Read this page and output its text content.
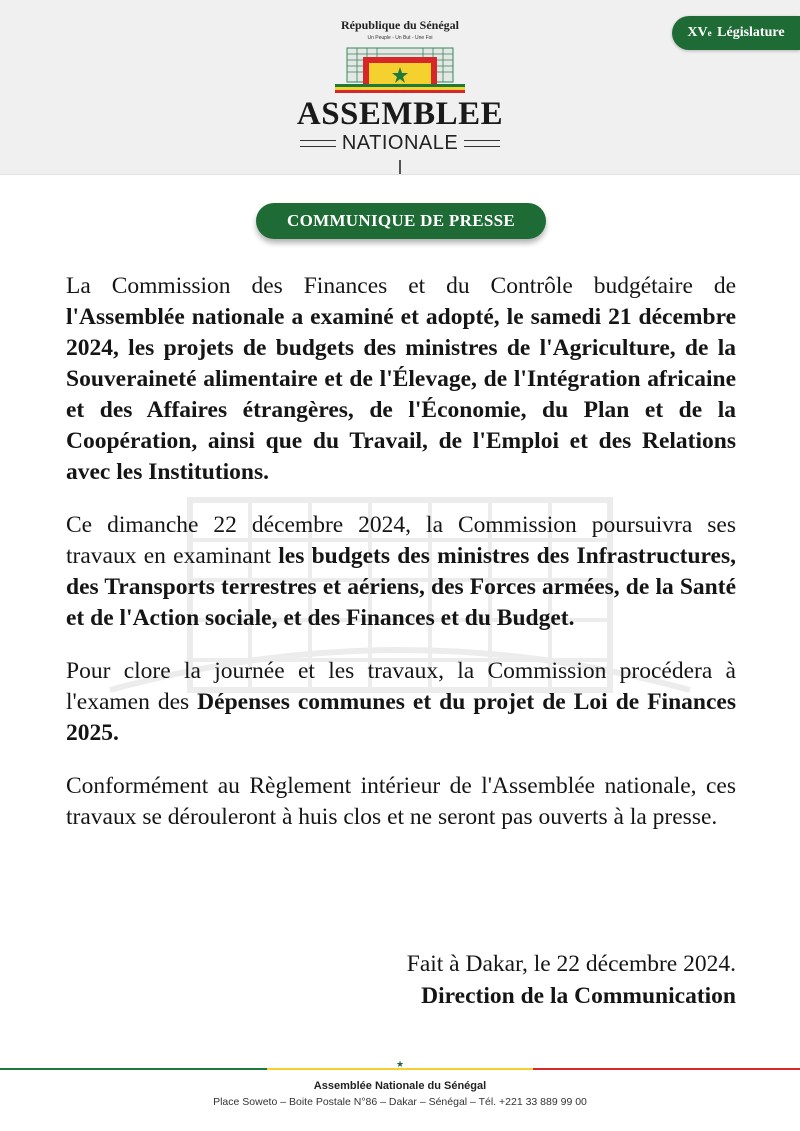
République du Sénégal
Un Peuple - Un But - Une Foi
ASSEMBLEE
NATIONALE
XV e
Législature
COMMUNIQUE DE PRESSE

La Commission des Finances et du Contrôle budgétaire de l'Assemblée nationale a examiné et adopté, le samedi 21 décembre 2024, les projets de budgets des ministres de l'Agriculture, de la Souveraineté alimentaire et de l'Élevage, de l'Intégration africaine et des Affaires étrangères, de l'Économie, du Plan et de la Coopération, ainsi que du Travail, de l'Emploi et des Relations avec les Institutions.

Ce dimanche 22 décembre 2024, la Commission poursuivra ses travaux en examinant les budgets des ministres des Infrastructures, des Transports terrestres et aériens, des Forces armées, de la Santé et de l'Action sociale, et des Finances et du Budget.

Pour clore la journée et les travaux, la Commission procédera à l'examen des Dépenses communes et du projet de Loi de Finances 2025.

Conformément au Règlement intérieur de l'Assemblée nationale, ces travaux se dérouleront à huis clos et ne seront pas ouverts à la presse.

Fait à Dakar, le 22 décembre 2024.
Direction de la Communication
★
Assemblée Nationale du Sénégal
Place Soweto – Boite Postale N°86 – Dakar – Sénégal – Tél. +221 33 889 99 00
